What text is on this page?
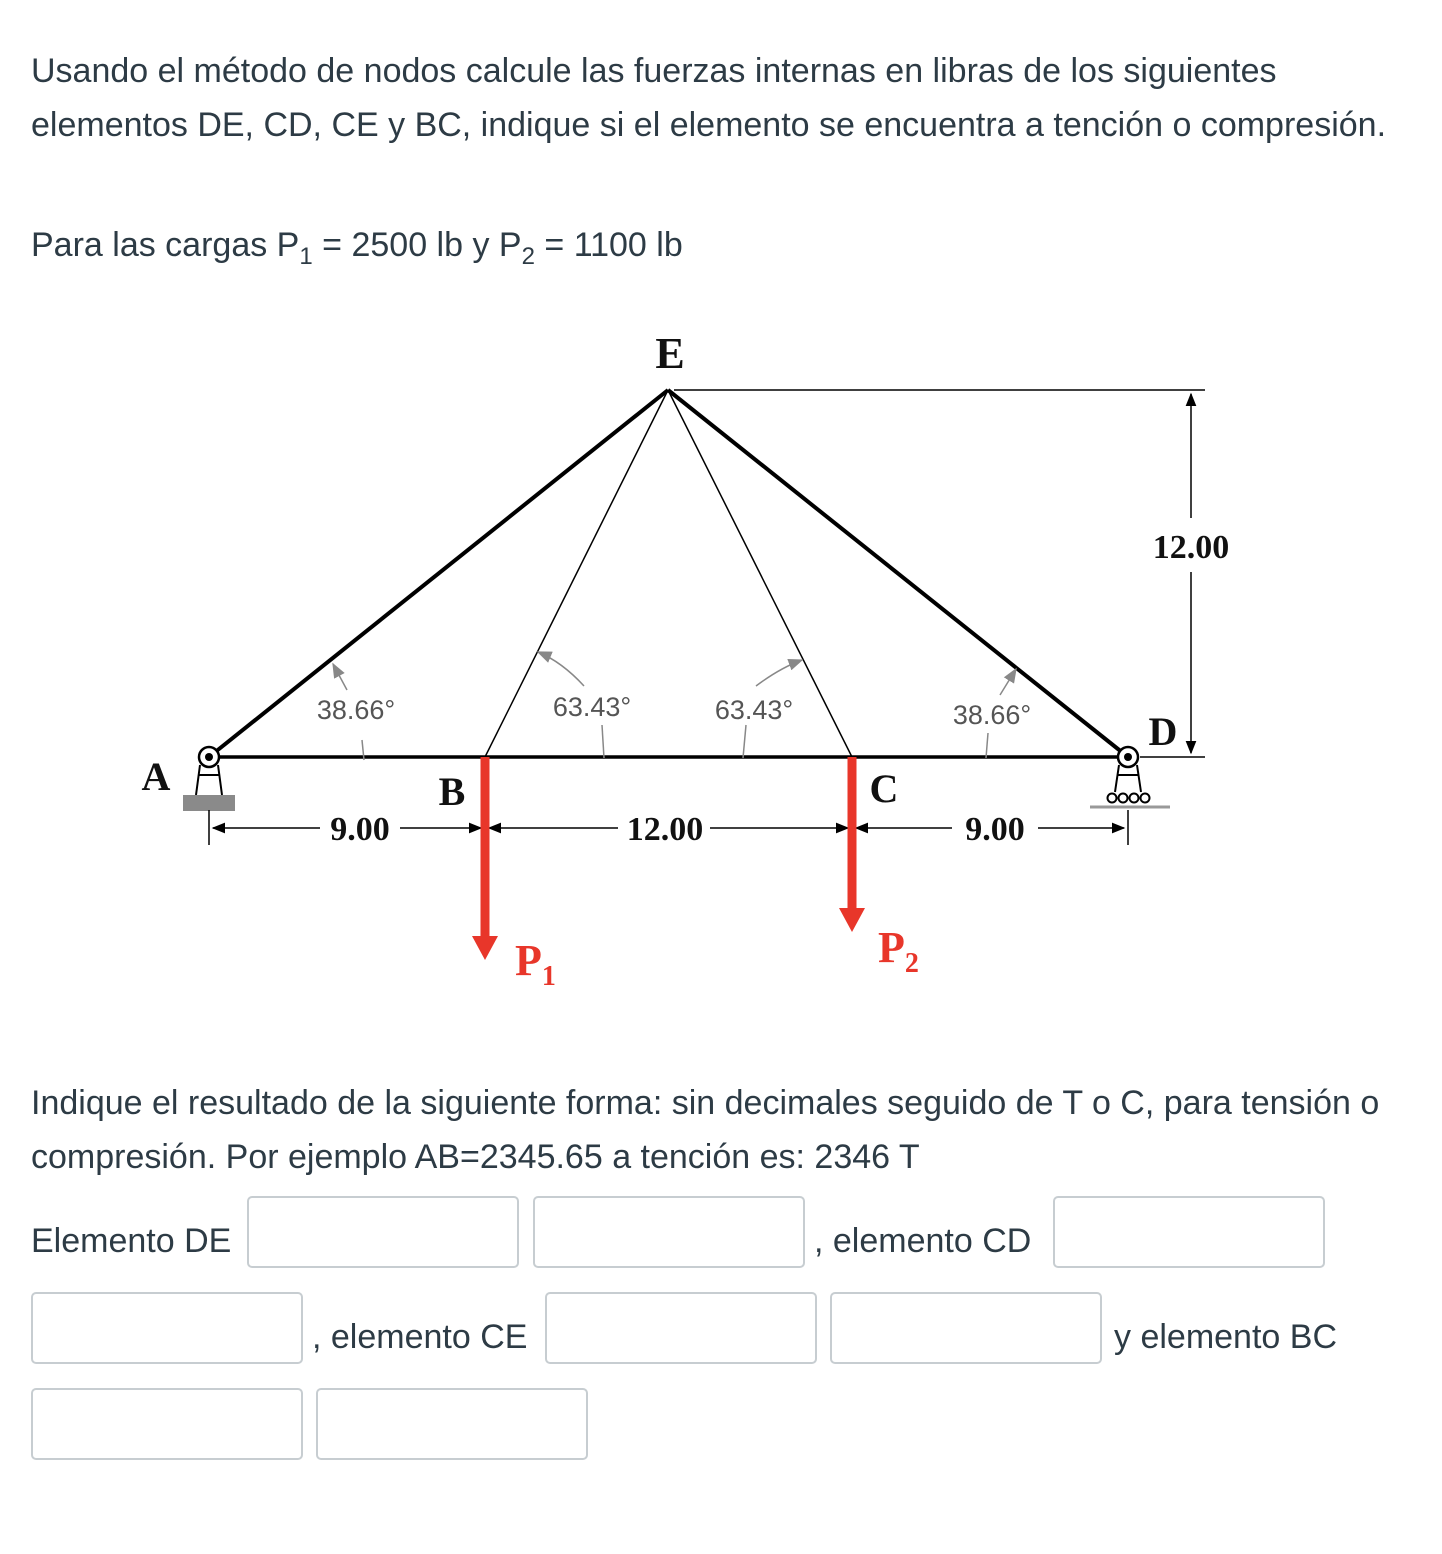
Usando el método de nodos calcule las fuerzas internas en libras de los siguientes elementos DE, CD, CE y BC, indique si el elemento se encuentra a tención o compresión.

Para las cargas $P_1 = 2500$ lb y $P_2 = 1100$ lb

E
A	B	C
D
38.66°	63.43°	63.43°	38.66°
9.00	12.00	9.00
12.00
$P_1$
$P_2$

Indique el resultado de la siguiente forma: sin decimales seguido de T o C, para tensión o compresión. Por ejemplo AB=2345.65 a tención es: 2346 T

Elemento DE	, elemento CD
, elemento CE	y elemento BC
